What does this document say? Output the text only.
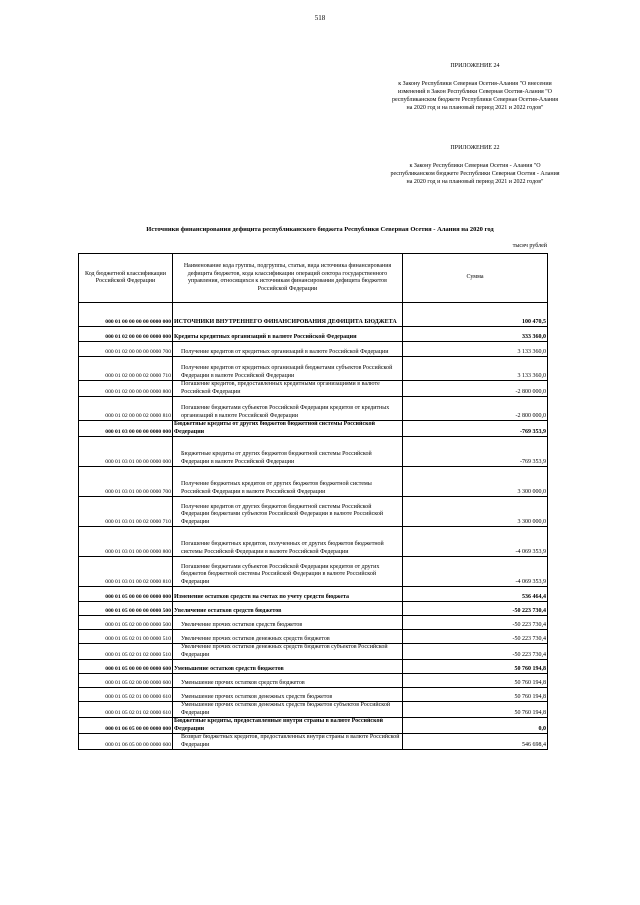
518
ПРИЛОЖЕНИЕ 24
к Закону Республики Северная Осетия-Алания "О внесении изменений в Закон Республики Северная Осетия-Алания "О республиканском бюджете Республики Северная Осетия-Алания на 2020 год и на плановый период 2021 и 2022 годов"
ПРИЛОЖЕНИЕ 22
к Закону Республики Северная Осетия - Алания "О республиканском бюджете Республики Северная Осетия - Алания на 2020 год и на плановый период 2021 и 2022 годов"
Источники финансирования дефицита республиканского бюджета Республики Северная Осетия - Алания на 2020 год
тысяч рублей
Код бюджетной классификации Российской Федерации	Наименование кода группы, подгруппы, статьи, вида источника финансирования дефицита бюджетов, кода классификации операций сектора государственного управления, относящихся к источникам финансирования дефицита бюджетов Российской Федерации	Сумма
000 01 00 00 00 00 0000 000	ИСТОЧНИКИ ВНУТРЕННЕГО ФИНАНСИРОВАНИЯ ДЕФИЦИТА БЮДЖЕТА	100 470,5
000 01 02 00 00 00 0000 000	Кредиты кредитных организаций в валюте Российской Федерации	333 360,0
000 01 02 00 00 00 0000 700	Получение кредитов от кредитных организаций в валюте Российской Федерации	3 133 360,0
000 01 02 00 00 02 0000 710	Получение кредитов от кредитных организаций бюджетами субъектов Российской Федерации в валюте Российской Федерации	3 133 360,0
000 01 02 00 00 00 0000 800	Погашение кредитов, предоставленных кредитными организациями в валюте Российской Федерации	-2 800 000,0
000 01 02 00 00 02 0000 810	Погашение бюджетами субъектов Российской Федерации кредитов от кредитных организаций в валюте Российской Федерации	-2 800 000,0
000 01 03 00 00 00 0000 000	Бюджетные кредиты от других бюджетов бюджетной системы Российской Федерации	-769 353,9
000 01 03 01 00 00 0000 000	Бюджетные кредиты от других бюджетов бюджетной системы Российской Федерации в валюте Российской Федерации	-769 353,9
000 01 03 01 00 00 0000 700	Получение бюджетных кредитов от других бюджетов бюджетной системы Российской Федерации в валюте Российской Федерации	3 300 000,0
000 01 03 01 00 02 0000 710	Получение кредитов от других бюджетов бюджетной системы Российской Федерации бюджетами субъектов Российской Федерации в валюте Российской Федерации	3 300 000,0
000 01 03 01 00 00 0000 800	Погашение бюджетных кредитов, полученных от других бюджетов бюджетной системы Российской Федерации в валюте Российской Федерации	-4 069 353,9
000 01 03 01 00 02 0000 810	Погашение бюджетами субъектов Российской Федерации кредитов от других бюджетов бюджетной системы Российской Федерации в валюте Российской Федерации	-4 069 353,9
000 01 05 00 00 00 0000 000	Изменение остатков средств на счетах по учету средств бюджета	536 464,4
000 01 05 00 00 00 0000 500	Увеличение остатков средств бюджетов	-50 223 730,4
000 01 05 02 00 00 0000 500	Увеличение прочих остатков средств бюджетов	-50 223 730,4
000 01 05 02 01 00 0000 510	Увеличение прочих остатков денежных средств бюджетов	-50 223 730,4
000 01 05 02 01 02 0000 510	Увеличение прочих остатков денежных средств бюджетов субъектов Российской Федерации	-50 223 730,4
000 01 05 00 00 00 0000 600	Уменьшение остатков средств бюджетов	50 760 194,8
000 01 05 02 00 00 0000 600	Уменьшение прочих остатков средств бюджетов	50 760 194,8
000 01 05 02 01 00 0000 610	Уменьшение прочих остатков денежных средств бюджетов	50 760 194,8
000 01 05 02 01 02 0000 610	Уменьшение прочих остатков денежных средств бюджетов субъектов Российской Федерации	50 760 194,8
000 01 06 05 00 00 0000 000	Бюджетные кредиты, предоставленные внутри страны в валюте Российской Федерации	0,0
000 01 06 05 00 00 0000 600	Возврат бюджетных кредитов, предоставленных внутри страны в валюте Российской Федерации	546 698,4
